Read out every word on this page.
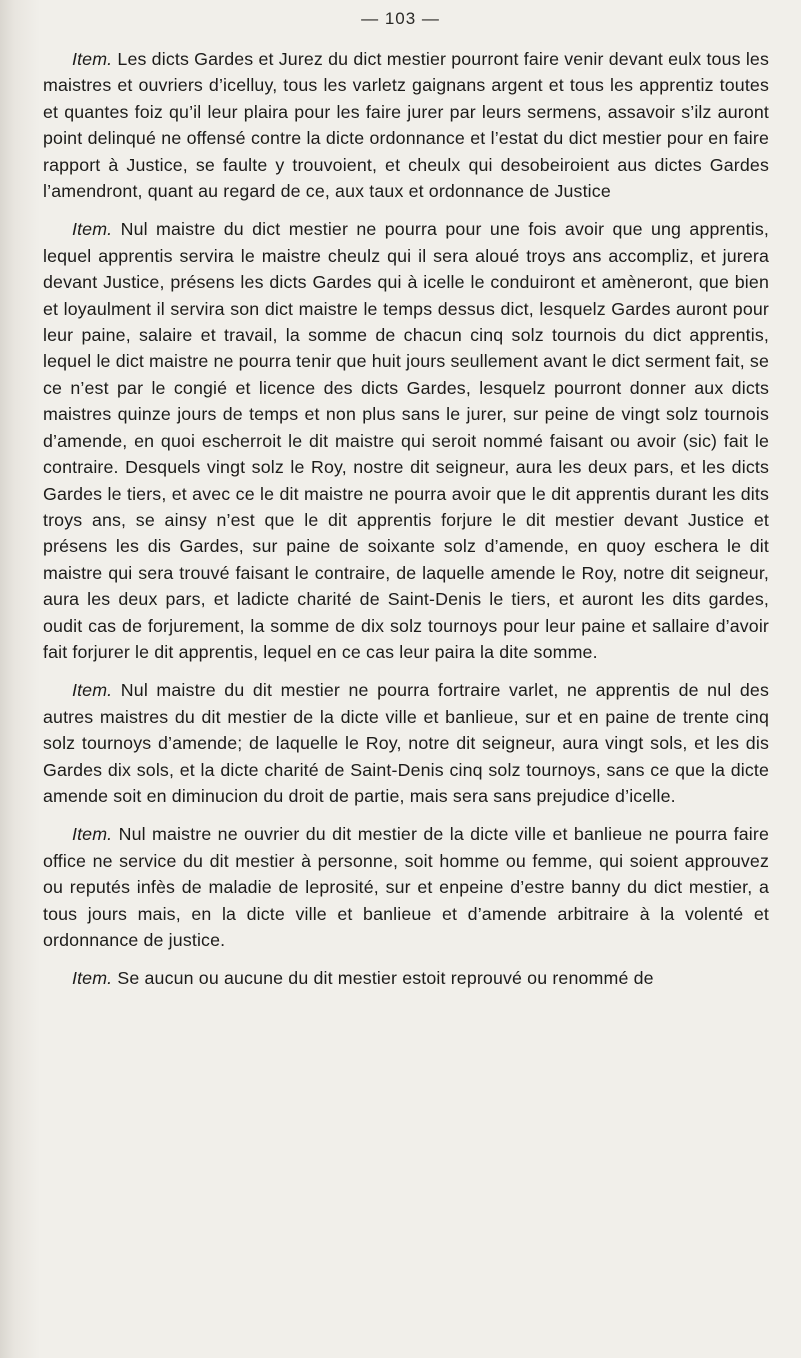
— 103 —

Item. Les dicts Gardes et Jurez du dict mestier pourront faire venir devant eulx tous les maistres et ouvriers d’icelluy, tous les varletz gaignans argent et tous les apprentiz toutes et quantes foiz qu’il leur plaira pour les faire jurer par leurs sermens, assavoir s’ilz auront point delinqué ne offensé contre la dicte ordonnance et l’estat du dict mestier pour en faire rapport à Justice, se faulte y trouvoient, et cheulx qui desobeiroient aus dictes Gardes l’amendront, quant au regard de ce, aux taux et ordonnance de Justice

Item. Nul maistre du dict mestier ne pourra pour une fois avoir que ung apprentis, lequel apprentis servira le maistre cheulz qui il sera aloué troys ans accompliz, et jurera devant Justice, présens les dicts Gardes qui à icelle le conduiront et amèneront, que bien et loyaulment il servira son dict maistre le temps dessus dict, lesquelz Gardes auront pour leur paine, salaire et travail, la somme de chacun cinq solz tournois du dict apprentis, lequel le dict maistre ne pourra tenir que huit jours seullement avant le dict serment fait, se ce n’est par le congié et licence des dicts Gardes, lesquelz pourront donner aux dicts maistres quinze jours de temps et non plus sans le jurer, sur peine de vingt solz tournois d’amende, en quoi escherroit le dit maistre qui seroit nommé faisant ou avoir (sic) fait le contraire. Desquels vingt solz le Roy, nostre dit seigneur, aura les deux pars, et les dicts Gardes le tiers, et avec ce le dit maistre ne pourra avoir que le dit apprentis durant les dits troys ans, se ainsy n’est que le dit apprentis forjure le dit mestier devant Justice et présens les dis Gardes, sur paine de soixante solz d’amende, en quoy eschera le dit maistre qui sera trouvé faisant le contraire, de laquelle amende le Roy, notre dit seigneur, aura les deux pars, et ladicte charité de Saint-Denis le tiers, et auront les dits gardes, oudit cas de forjurement, la somme de dix solz tournoys pour leur paine et sallaire d’avoir fait forjurer le dit apprentis, lequel en ce cas leur paira la dite somme.

Item. Nul maistre du dit mestier ne pourra fortraire varlet, ne apprentis de nul des autres maistres du dit mestier de la dicte ville et banlieue, sur et en paine de trente cinq solz tournoys d’amende; de laquelle le Roy, notre dit seigneur, aura vingt sols, et les dis Gardes dix sols, et la dicte charité de Saint-Denis cinq solz tournoys, sans ce que la dicte amende soit en diminucion du droit de partie, mais sera sans prejudice d’icelle.

Item. Nul maistre ne ouvrier du dit mestier de la dicte ville et banlieue ne pourra faire office ne service du dit mestier à personne, soit homme ou femme, qui soient approuvez ou reputés infès de maladie de leprosité, sur et enpeine d’estre banny du dict mestier, a tous jours mais, en la dicte ville et banlieue et d’amende arbitraire à la volenté et ordonnance de justice.

Item. Se aucun ou aucune du dit mestier estoit reprouvé ou renommé de
